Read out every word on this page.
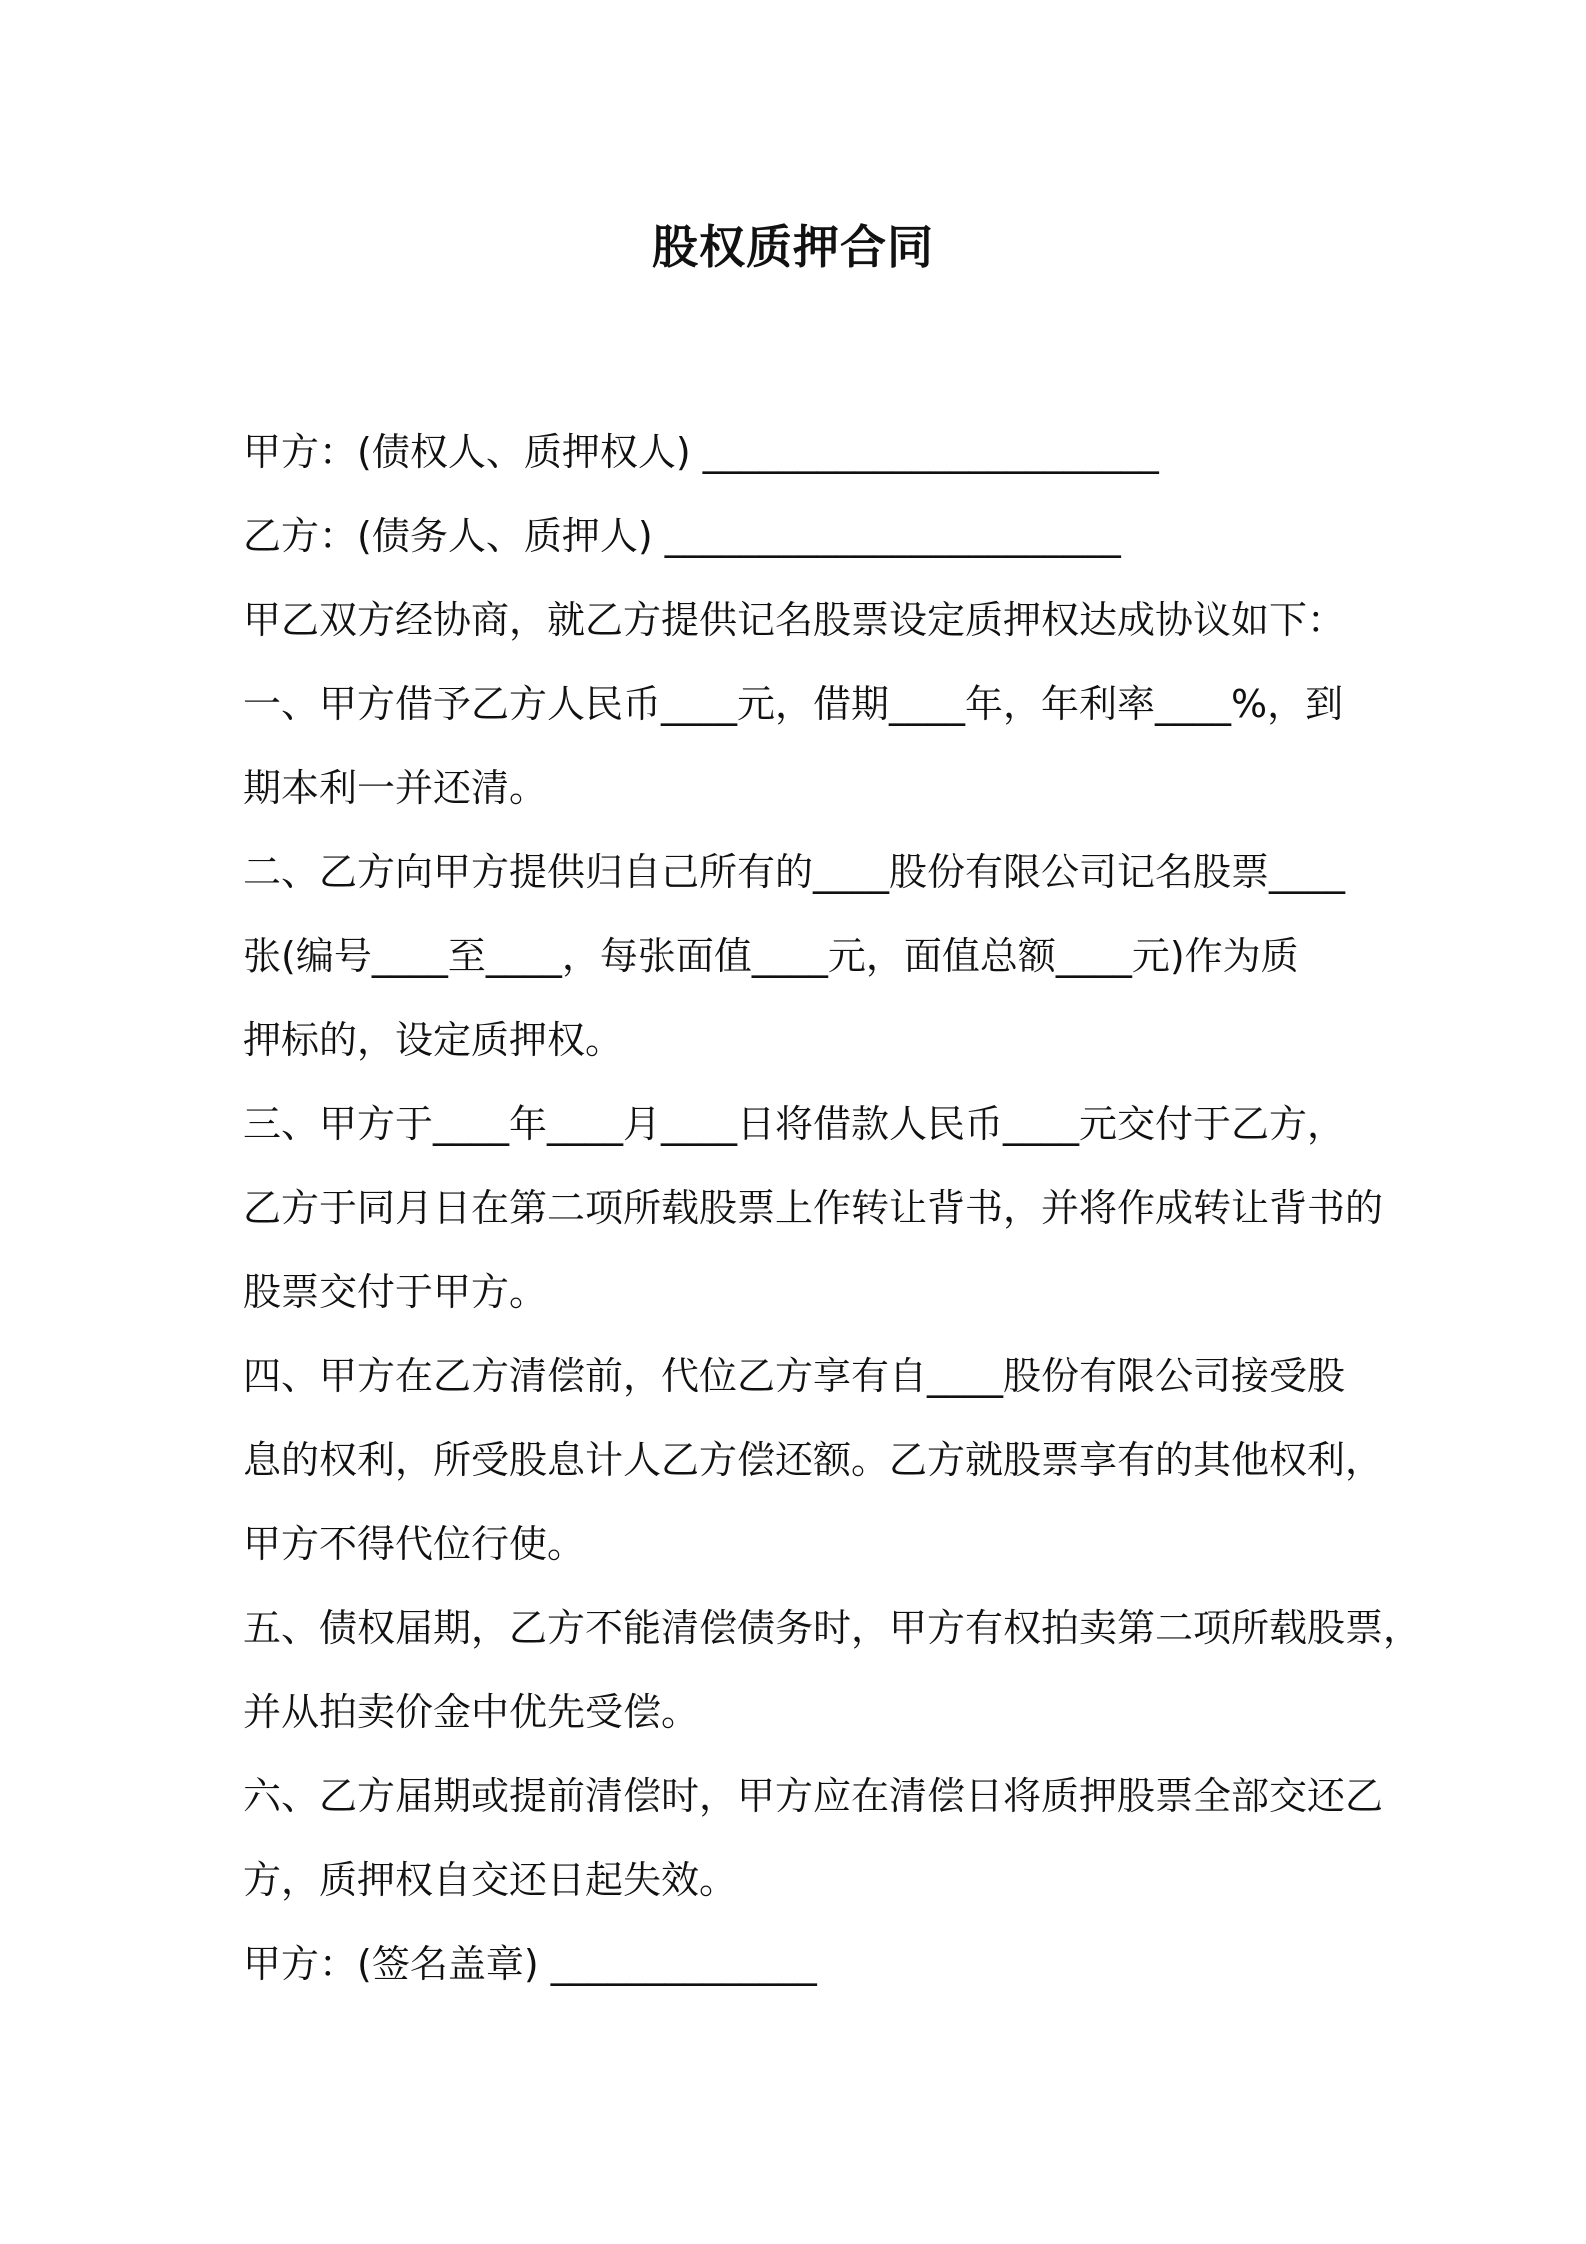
股权质押合同
甲方：(债权人、质押权人) ________________________
乙方：(债务人、质押人) ________________________
甲乙双方经协商，就乙方提供记名股票设定质押权达成协议如下：
一、甲方借予乙方人民币____元，借期____年，年利率____%，到
期本利一并还清。
二、乙方向甲方提供归自己所有的____股份有限公司记名股票____
张(编号____至____，每张面值____元，面值总额____元)作为质
押标的，设定质押权。
三、甲方于____年____月____日将借款人民币____元交付于乙方，
乙方于同月日在第二项所载股票上作转让背书，并将作成转让背书的
股票交付于甲方。
四、甲方在乙方清偿前，代位乙方享有自____股份有限公司接受股
息的权利，所受股息计人乙方偿还额。乙方就股票享有的其他权利，
甲方不得代位行使。
五、债权届期，乙方不能清偿债务时，甲方有权拍卖第二项所载股票，
并从拍卖价金中优先受偿。
六、乙方届期或提前清偿时，甲方应在清偿日将质押股票全部交还乙
方，质押权自交还日起失效。
甲方：(签名盖章) ______________
